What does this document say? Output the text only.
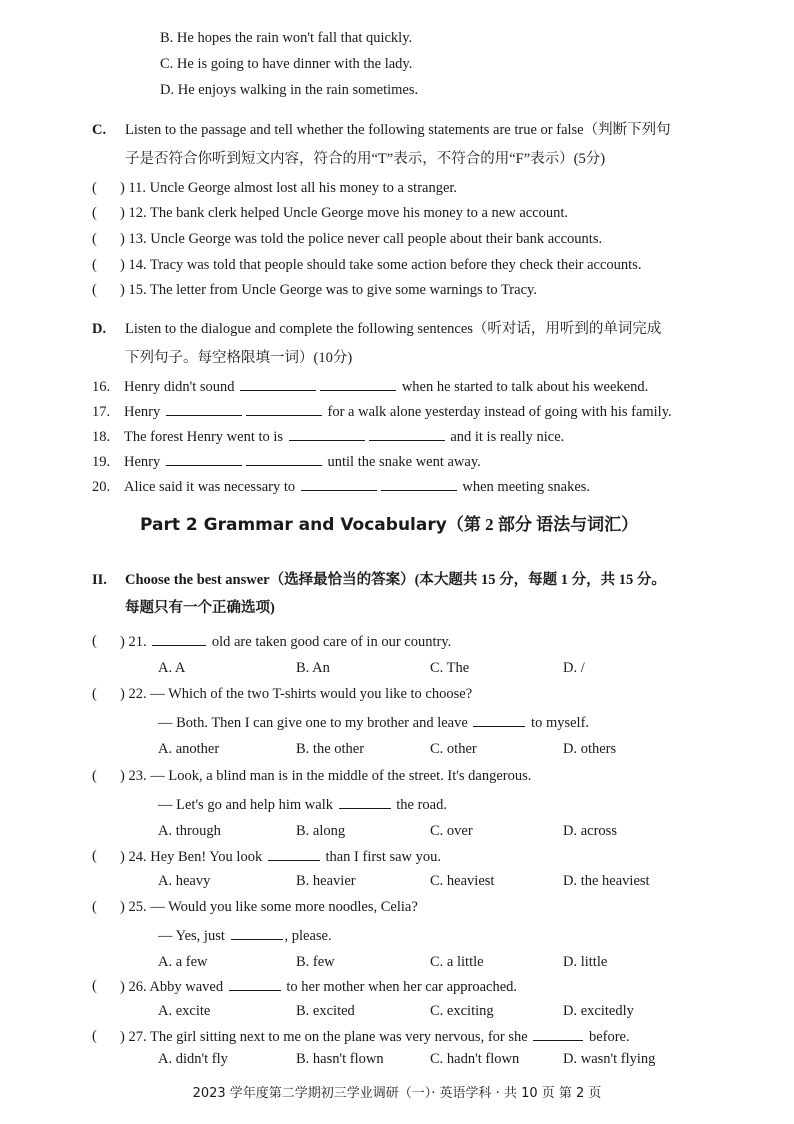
B. He hopes the rain won't fall that quickly.
C. He is going to have dinner with the lady.
D. He enjoys walking in the rain sometimes.
C. Listen to the passage and tell whether the following statements are true or false（判断下列句
子是否符合你听到短文内容，符合的用“T”表示，不符合的用“F”表示）(5分)
( ) 11. Uncle George almost lost all his money to a stranger.
( ) 12. The bank clerk helped Uncle George move his money to a new account.
( ) 13. Uncle George was told the police never call people about their bank accounts.
( ) 14. Tracy was told that people should take some action before they check their accounts.
( ) 15. The letter from Uncle George was to give some warnings to Tracy.
D. Listen to the dialogue and complete the following sentences（听对话，用听到的单词完成
下列句子。每空格限填一词）(10分)
16. Henry didn't sound	when he started to talk about his weekend.
17. Henry	for a walk alone yesterday instead of going with his family.
18. The forest Henry went to is	and it is really nice.
19. Henry	until the snake went away.
20. Alice said it was necessary to	when meeting snakes.
Part 2 Grammar and Vocabulary（第 2 部分 语法与词汇）
II. Choose the best answer（选择最恰当的答案）(本大题共 15 分，每题 1 分，共 15 分。
每题只有一个正确选项)
( ) 21.	old are taken good care of in our country.
A. A	B. An	C. The	D. /
( ) 22. — Which of the two T-shirts would you like to choose?
— Both. Then I can give one to my brother and leave	to myself.
A. another	B. the other	C. other	D. others
( ) 23. — Look, a blind man is in the middle of the street. It's dangerous.
— Let's go and help him walk	the road.
A. through	B. along	C. over	D. across
( ) 24. Hey Ben! You look	than I first saw you.
A. heavy	B. heavier	C. heaviest	D. the heaviest
( ) 25. — Would you like some more noodles, Celia?
— Yes, just	, please.
A. a few	B. few	C. a little	D. little
( ) 26. Abby waved	to her mother when her car approached.
A. excite	B. excited	C. exciting	D. excitedly
( ) 27. The girl sitting next to me on the plane was very nervous, for she	before.
A. didn't fly	B. hasn't flown	C. hadn't flown	D. wasn't flying
2023 学年度第二学期初三学业调研（一）· 英语学科 · 共 10 页 第 2 页
